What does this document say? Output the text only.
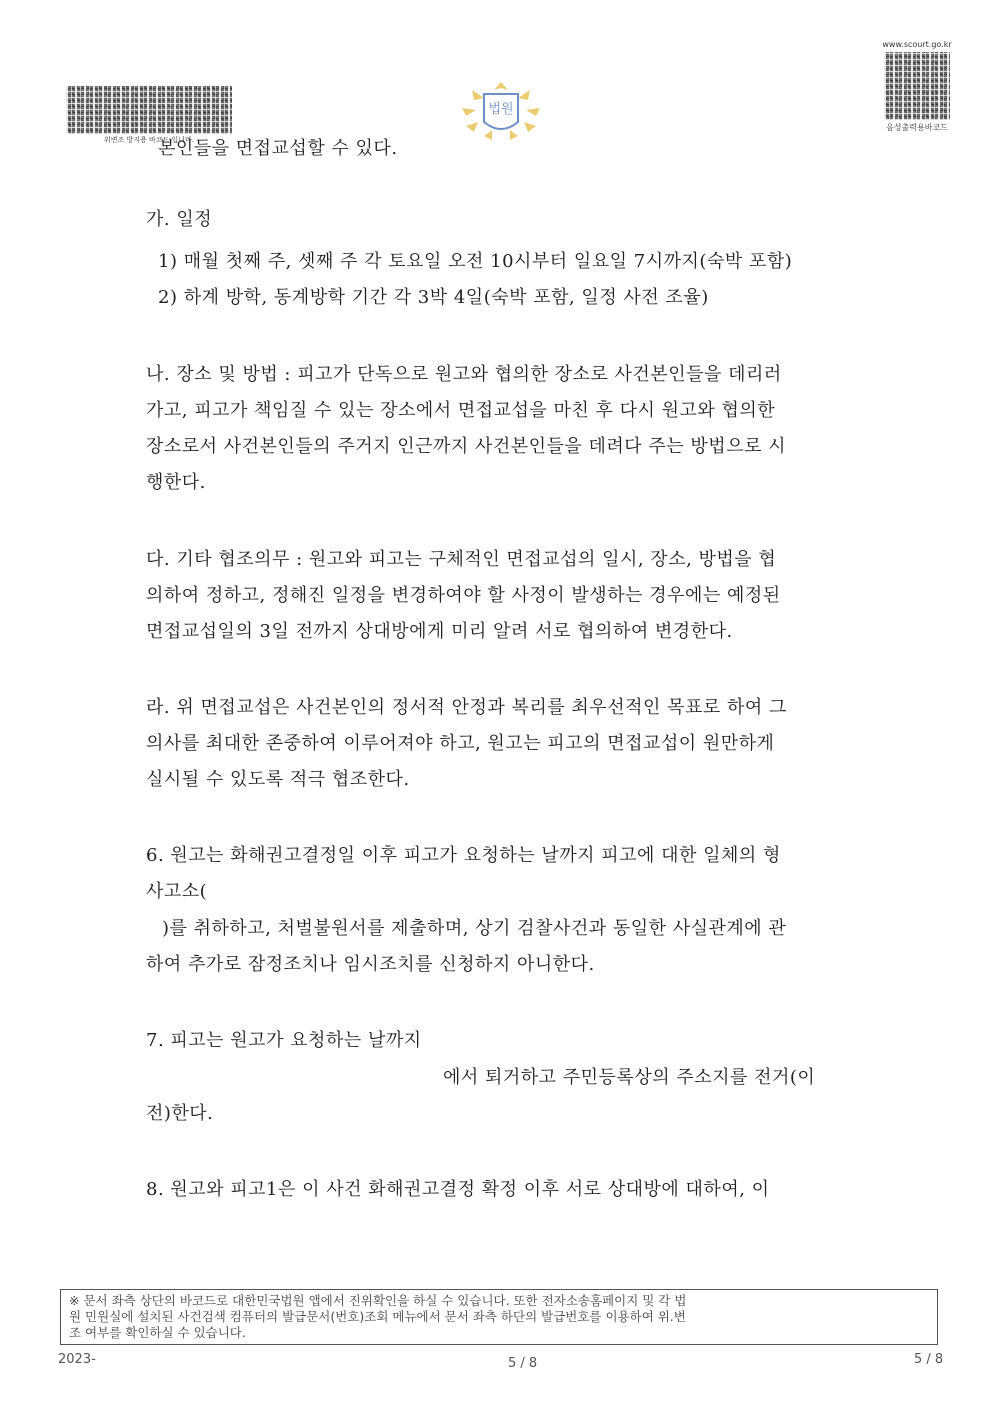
위변조 방지용 바코드 입니다.
법원
www.scourt.go.kr
음성출력용바코드
본인들을 면접교섭할 수 있다.
가. 일정
1) 매월 첫째 주, 셋째 주 각 토요일 오전 10시부터 일요일 7시까지(숙박 포함)
2) 하계 방학, 동계방학 기간 각 3박 4일(숙박 포함, 일정 사전 조율)
나. 장소 및 방법 : 피고가 단독으로 원고와 협의한 장소로 사건본인들을 데리러
가고, 피고가 책임질 수 있는 장소에서 면접교섭을 마친 후 다시 원고와 협의한
장소로서 사건본인들의 주거지 인근까지 사건본인들을 데려다 주는 방법으로 시
행한다.
다. 기타 협조의무 : 원고와 피고는 구체적인 면접교섭의 일시, 장소, 방법을 협
의하여 정하고, 정해진 일정을 변경하여야 할 사정이 발생하는 경우에는 예정된
면접교섭일의 3일 전까지 상대방에게 미리 알려 서로 협의하여 변경한다.
라. 위 면접교섭은 사건본인의 정서적 안정과 복리를 최우선적인 목표로 하여 그
의사를 최대한 존중하여 이루어져야 하고, 원고는 피고의 면접교섭이 원만하게
실시될 수 있도록 적극 협조한다.
6. 원고는 화해권고결정일 이후 피고가 요청하는 날까지 피고에 대한 일체의 형
사고소(
)를 취하하고, 처벌불원서를 제출하며, 상기 검찰사건과 동일한 사실관계에 관
하여 추가로 잠정조치나 임시조치를 신청하지 아니한다.
7. 피고는 원고가 요청하는 날까지
에서 퇴거하고 주민등록상의 주소지를 전거(이
전)한다.
8. 원고와 피고1은 이 사건 화해권고결정 확정 이후 서로 상대방에 대하여, 이
※ 문서 좌측 상단의 바코드로 대한민국법원 앱에서 진위확인을 하실 수 있습니다. 또한 전자소송홈페이지 및 각 법
원 민원실에 설치된 사건검색 컴퓨터의 발급문서(번호)조회 메뉴에서 문서 좌측 하단의 발급번호를 이용하여 위.변
조 여부를 확인하실 수 있습니다.
2023-	5 / 8	5 / 8
